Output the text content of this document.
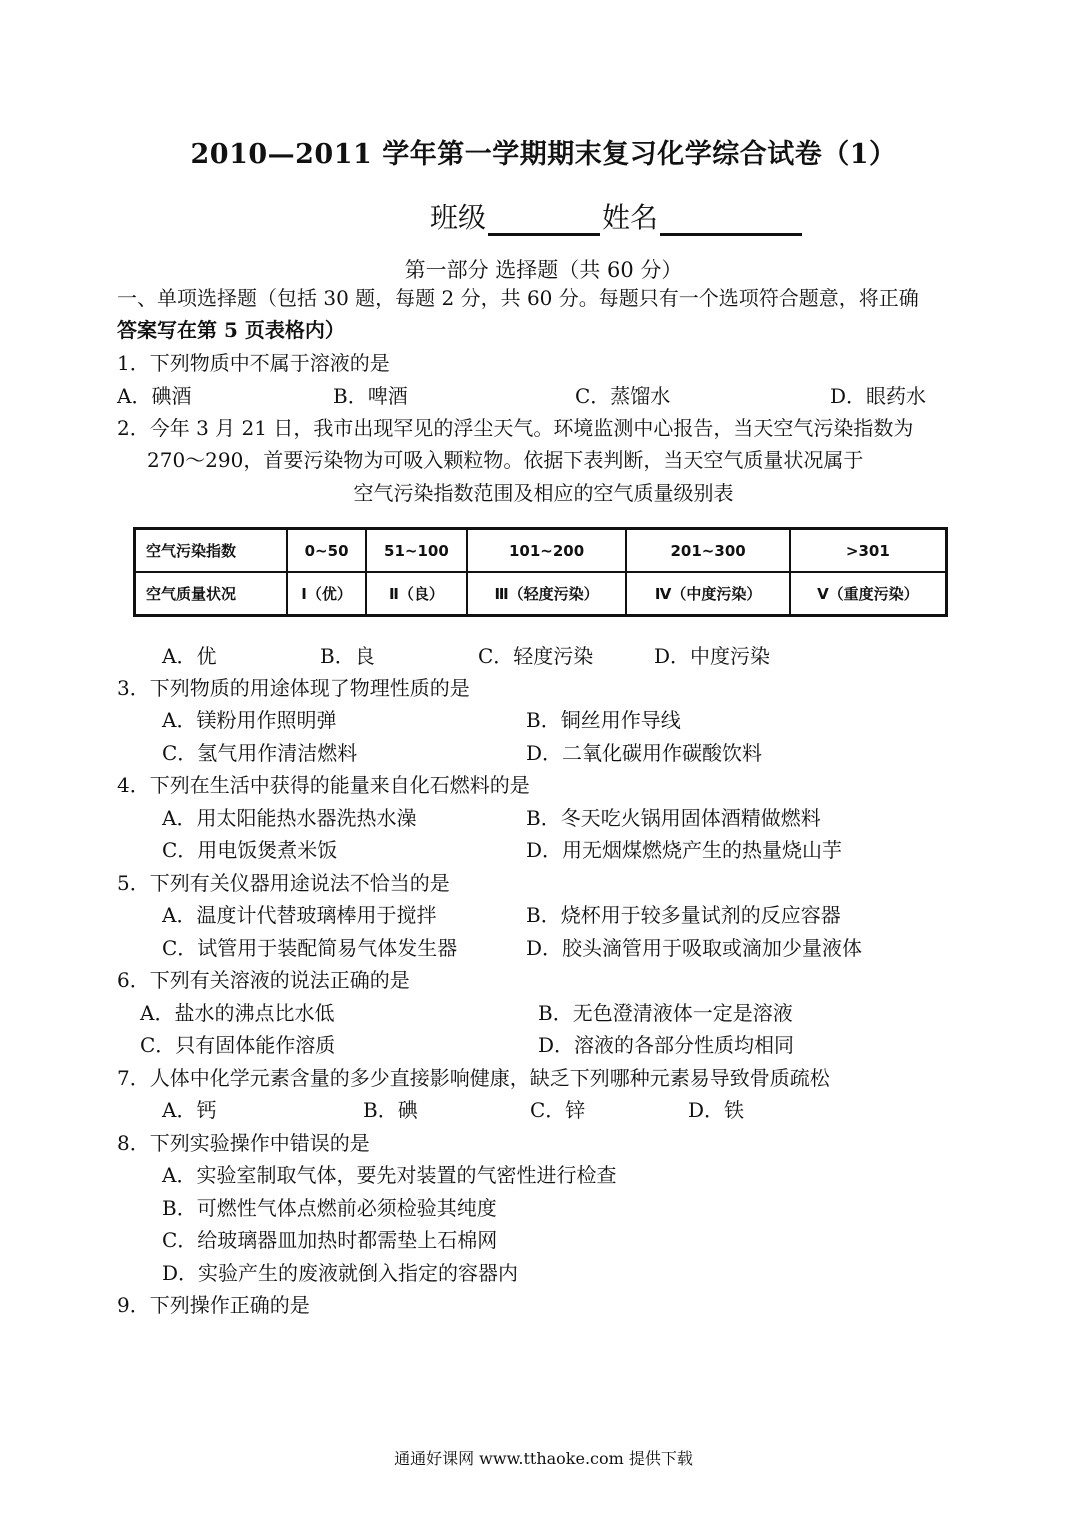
2010—2011 学年第一学期期末复习化学综合试卷（1）
班级	姓名
第一部分 选择题（共 60 分）
一、单项选择题（包括 30 题，每题 2 分，共 60 分。每题只有一个选项符合题意，将正确
答案写在第 5 页表格内）
1．下列物质中不属于溶液的是
A．碘酒	B．啤酒	C．蒸馏水	D．眼药水
2．今年 3 月 21 日，我市出现罕见的浮尘天气。环境监测中心报告，当天空气污染指数为
270～290，首要污染物为可吸入颗粒物。依据下表判断，当天空气质量状况属于
空气污染指数范围及相应的空气质量级别表
空气污染指数	0~50	51~100	101~200	201~300	>301
空气质量状况	Ⅰ（优）	Ⅱ（良）	Ⅲ（轻度污染）	Ⅳ（中度污染）	Ⅴ（重度污染）
A．优	B．良	C．轻度污染	D．中度污染
3．下列物质的用途体现了物理性质的是
A．镁粉用作照明弹	B．铜丝用作导线
C．氢气用作清洁燃料	D．二氧化碳用作碳酸饮料
4．下列在生活中获得的能量来自化石燃料的是
A．用太阳能热水器洗热水澡	B．冬天吃火锅用固体酒精做燃料
C．用电饭煲煮米饭	D．用无烟煤燃烧产生的热量烧山芋
5．下列有关仪器用途说法不恰当的是
A．温度计代替玻璃棒用于搅拌	B．烧杯用于较多量试剂的反应容器
C．试管用于装配简易气体发生器	D．胶头滴管用于吸取或滴加少量液体
6．下列有关溶液的说法正确的是
A．盐水的沸点比水低	B．无色澄清液体一定是溶液
C．只有固体能作溶质	D．溶液的各部分性质均相同
7．人体中化学元素含量的多少直接影响健康，缺乏下列哪种元素易导致骨质疏松
A．钙	B．碘	C．锌	D．铁
8．下列实验操作中错误的是
A．实验室制取气体，要先对装置的气密性进行检查
B．可燃性气体点燃前必须检验其纯度
C．给玻璃器皿加热时都需垫上石棉网
D．实验产生的废液就倒入指定的容器内
9．下列操作正确的是
通通好课网 www.tthaoke.com 提供下载
